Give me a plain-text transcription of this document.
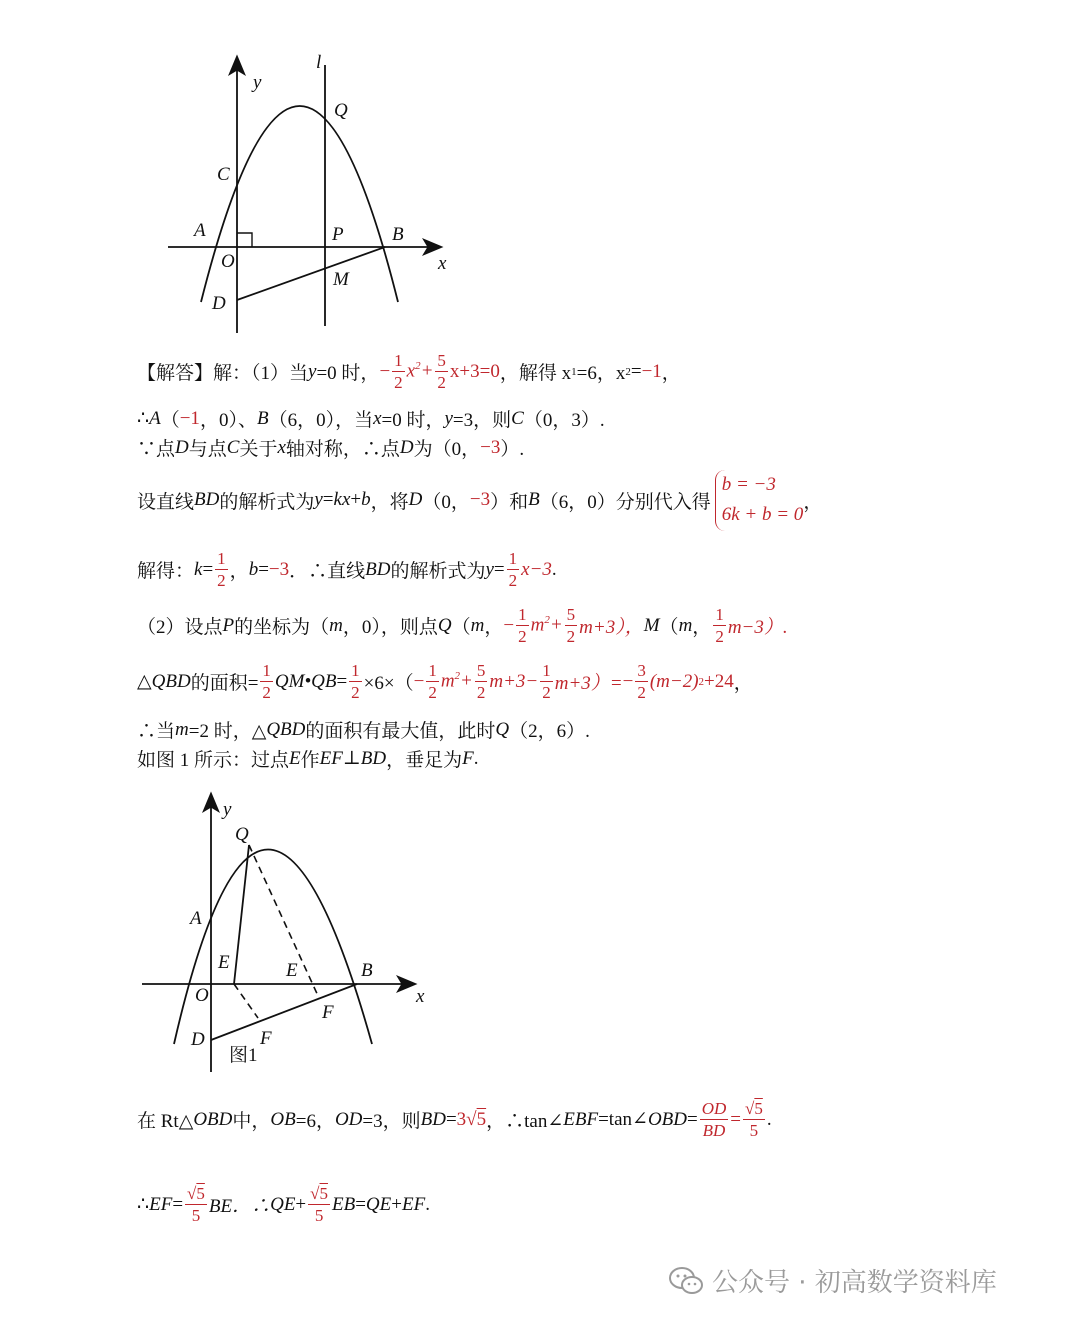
y
l
Q
C
A	P	B
O	x
M
D
【解答】 解：（1）当 y =0 时， − $\frac{1}{2} x^2+ \frac{5}{2} x+3=0$ ，解得 x 1 =6，x 2 = −1 ，
∴ A （ −1 ，0）、 B （6，0），当 x =0 时， y =3，则 C （0，3）.
∵点 D 与点 C 关于 x 轴对称，∴点 D 为（0， −3 ）.
设直线 BD 的解析式为 y = kx + b ，将 D （0， −3 ）和 B （6，0）分别代入得
b = −3
6k + b = 0
，
解得： $k = \frac{1}{2}$ ， b = −3 ．∴直线 BD 的解析式为 $y = \frac{1}{2} x-3$ .
（2）设点 P 的坐标为（ m ，0），则点 Q （ m ， − $\frac{1}{2} m^2+ \frac{5}{2} m+3$）， M （ m ， $\frac{1}{2} m-3$）.
△ QBD 的面积= $\frac{1}{2}$ QM•QB = $\frac{1}{2} \times 6\times( - \frac{1}{2} m^2+ \frac{5}{2} m+3- \frac{1}{2} m+3)= - \frac{3}{2} (m-2)$ 2 +24 ，
∴当 m =2 时，△ QBD 的面积有最大值，此时 Q （2，6）.
如图 1 所示：过点 E 作 EF ⊥ BD ，垂足为 F .
y
Q
A
E	E	B
O	x
F
D	F
图1
在 Rt△ OBD 中， OB =6， OD =3，则 BD = 3 √5 ，∴tan∠ EBF =tan∠ OBD = $\frac{OD}{BD} = \frac{√5}{5}$ .
∴ EF = $\frac{√5}{5}$ BE．∴ QE + $\frac{√5}{5}$ EB = QE + EF .
公众号 · 初高数学资料库
